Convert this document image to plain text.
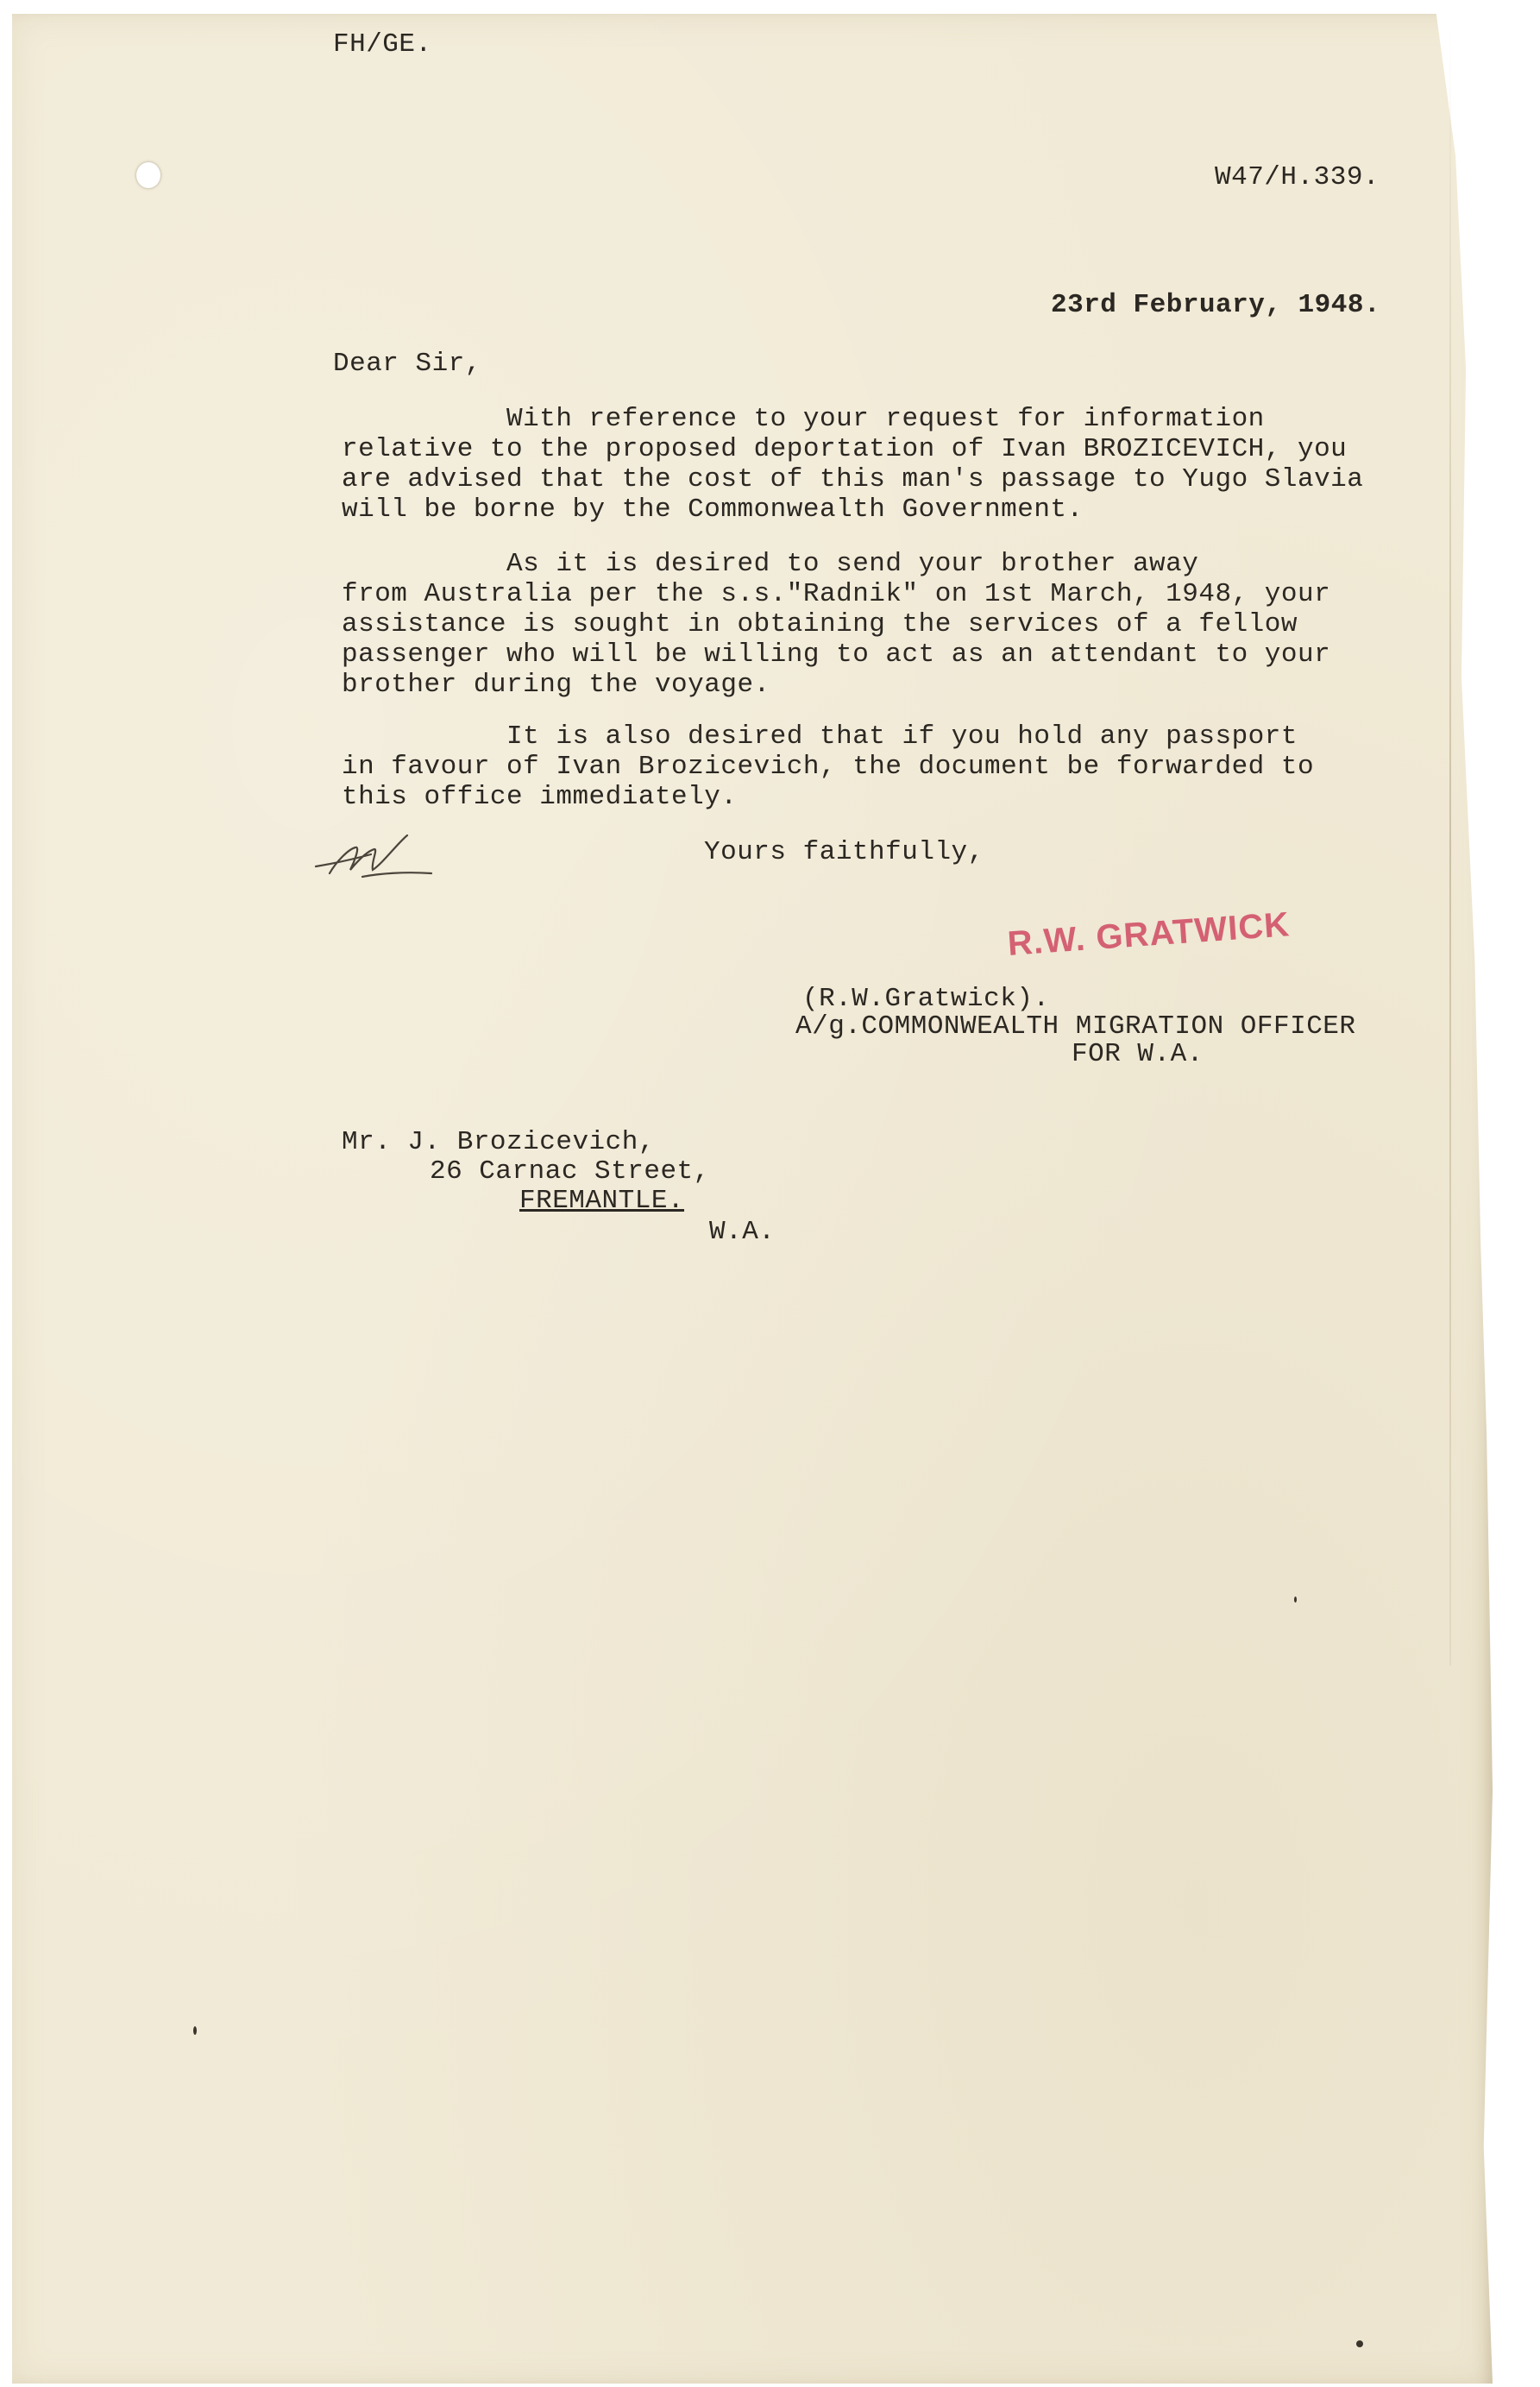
FH/GE.
W47/H.339.
23rd February, 1948.
Dear Sir,
With reference to your request for information
relative to the proposed deportation of Ivan BROZICEVICH, you
are advised that the cost of this man's passage to Yugo Slavia
will be borne by the Commonwealth Government.
As it is desired to send your brother away
from Australia per the s.s."Radnik" on 1st March, 1948, your
assistance is sought in obtaining the services of a fellow
passenger who will be willing to act as an attendant to your
brother during the voyage.
It is also desired that if you hold any passport
in favour of Ivan Brozicevich, the document be forwarded to
this office immediately.
Yours faithfully,
R.W. GRATWICK
(R.W.Gratwick).
A/g.COMMONWEALTH MIGRATION OFFICER
FOR W.A.
Mr. J. Brozicevich,
26 Carnac Street,
FREMANTLE.
W.A.
